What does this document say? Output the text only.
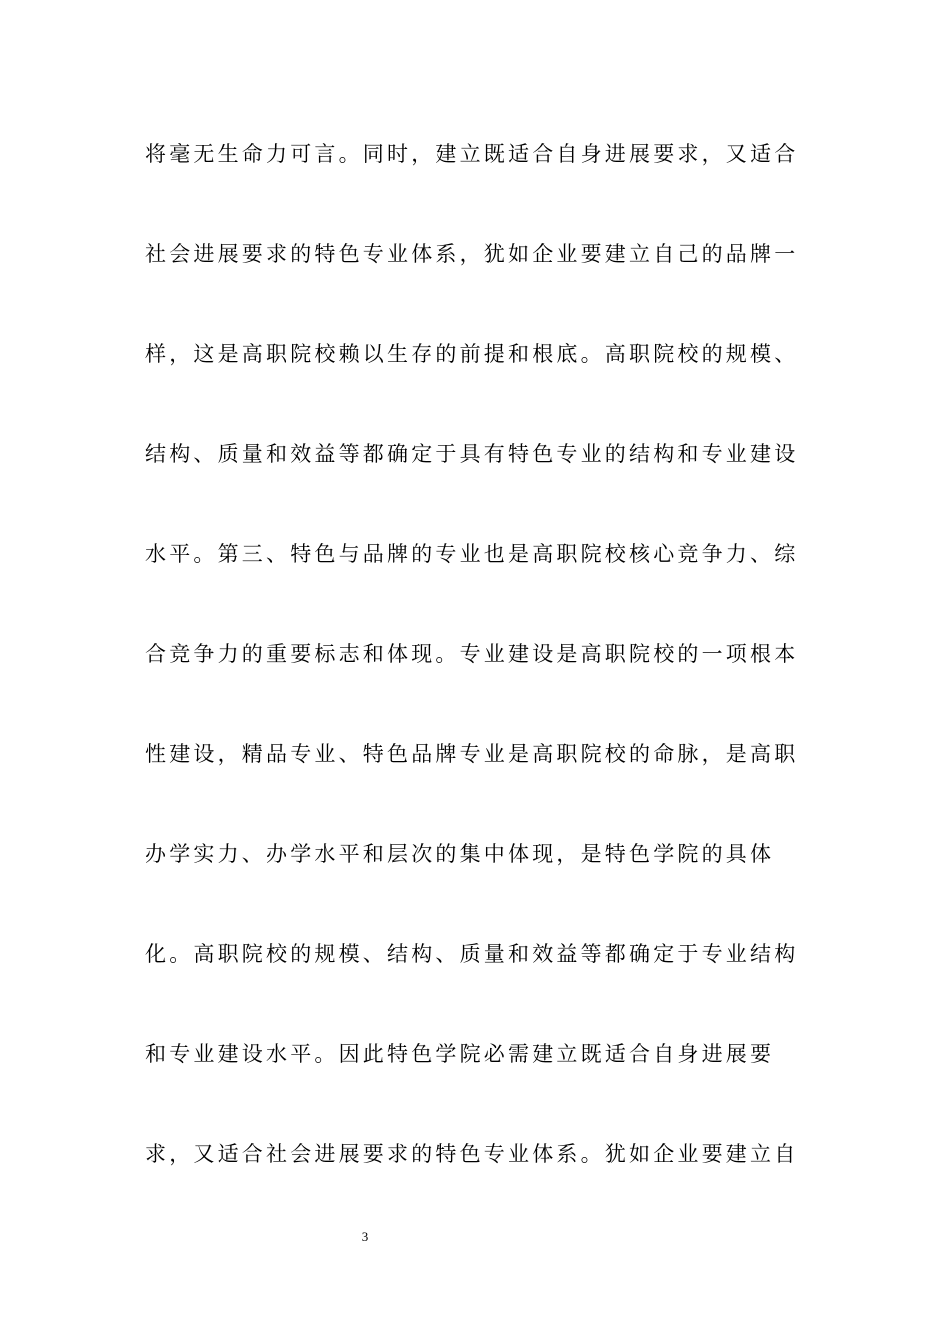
将毫无生命力可言。同时，建立既适合自身进展要求，又适合
社会进展要求的特色专业体系，犹如企业要建立自己的品牌一
样，这是高职院校赖以生存的前提和根底。高职院校的规模、
结构、质量和效益等都确定于具有特色专业的结构和专业建设
水平。第三、特色与品牌的专业也是高职院校核心竞争力、综
合竞争力的重要标志和体现。专业建设是高职院校的一项根本
性建设，精品专业、特色品牌专业是高职院校的命脉，是高职
办学实力、办学水平和层次的集中体现，是特色学院的具体
化。高职院校的规模、结构、质量和效益等都确定于专业结构
和专业建设水平。因此特色学院必需建立既适合自身进展要
求，又适合社会进展要求的特色专业体系。犹如企业要建立自
3
